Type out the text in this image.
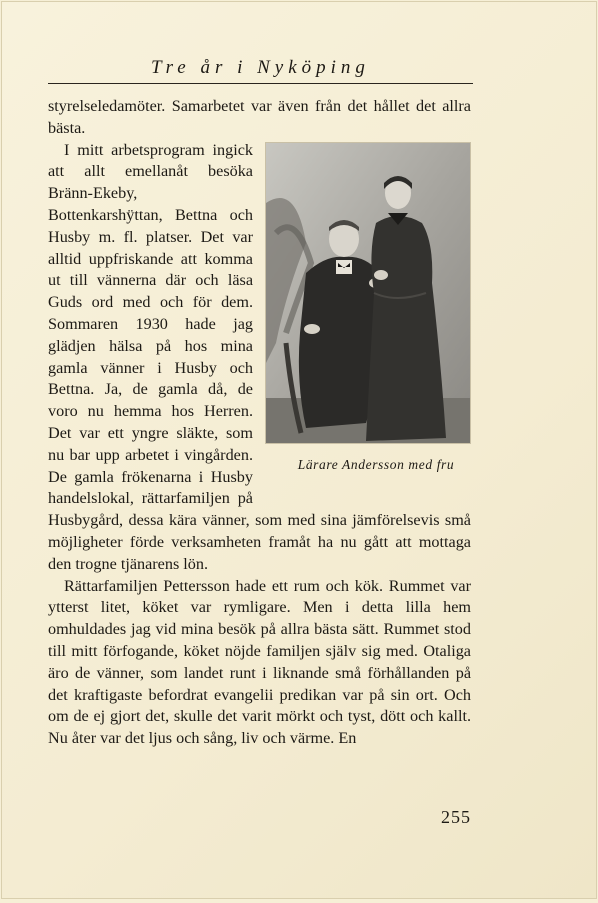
Tre år i Nyköping

styrelseledamöter. Samarbetet var även från det hållet det allra bästa.

Lärare Andersson med fru
I mitt arbetsprogram ingick att allt emellanåt besöka Bränn-Ekeby, Bottenkarshÿttan, Bettna och Husby m. fl. platser. Det var alltid uppfriskande att komma ut till vännerna där och läsa Guds ord med och för dem. Sommaren 1930 hade jag glädjen hälsa på hos mina gamla vänner i Husby och Bettna. Ja, de gamla då, de voro nu hemma hos Herren. Det var ett yngre släkte, som nu bar upp arbetet i vingården. De gamla frökenarna i Husby handelslokal, rättarfamiljen på Husbygård, dessa kära vänner, som med sina jämförelsevis små möjligheter förde verksamheten framåt ha nu gått att mottaga den trogne tjänarens lön.

Rättarfamiljen Pettersson hade ett rum och kök. Rummet var ytterst litet, köket var rymligare. Men i detta lilla hem omhuldades jag vid mina besök på allra bästa sätt. Rummet stod till mitt förfogande, köket nöjde familjen själv sig med. Otaliga äro de vänner, som landet runt i liknande små förhållanden på det kraftigaste befordrat evangelii predikan var på sin ort. Och om de ej gjort det, skulle det varit mörkt och tyst, dött och kallt. Nu åter var det ljus och sång, liv och värme. En

255
